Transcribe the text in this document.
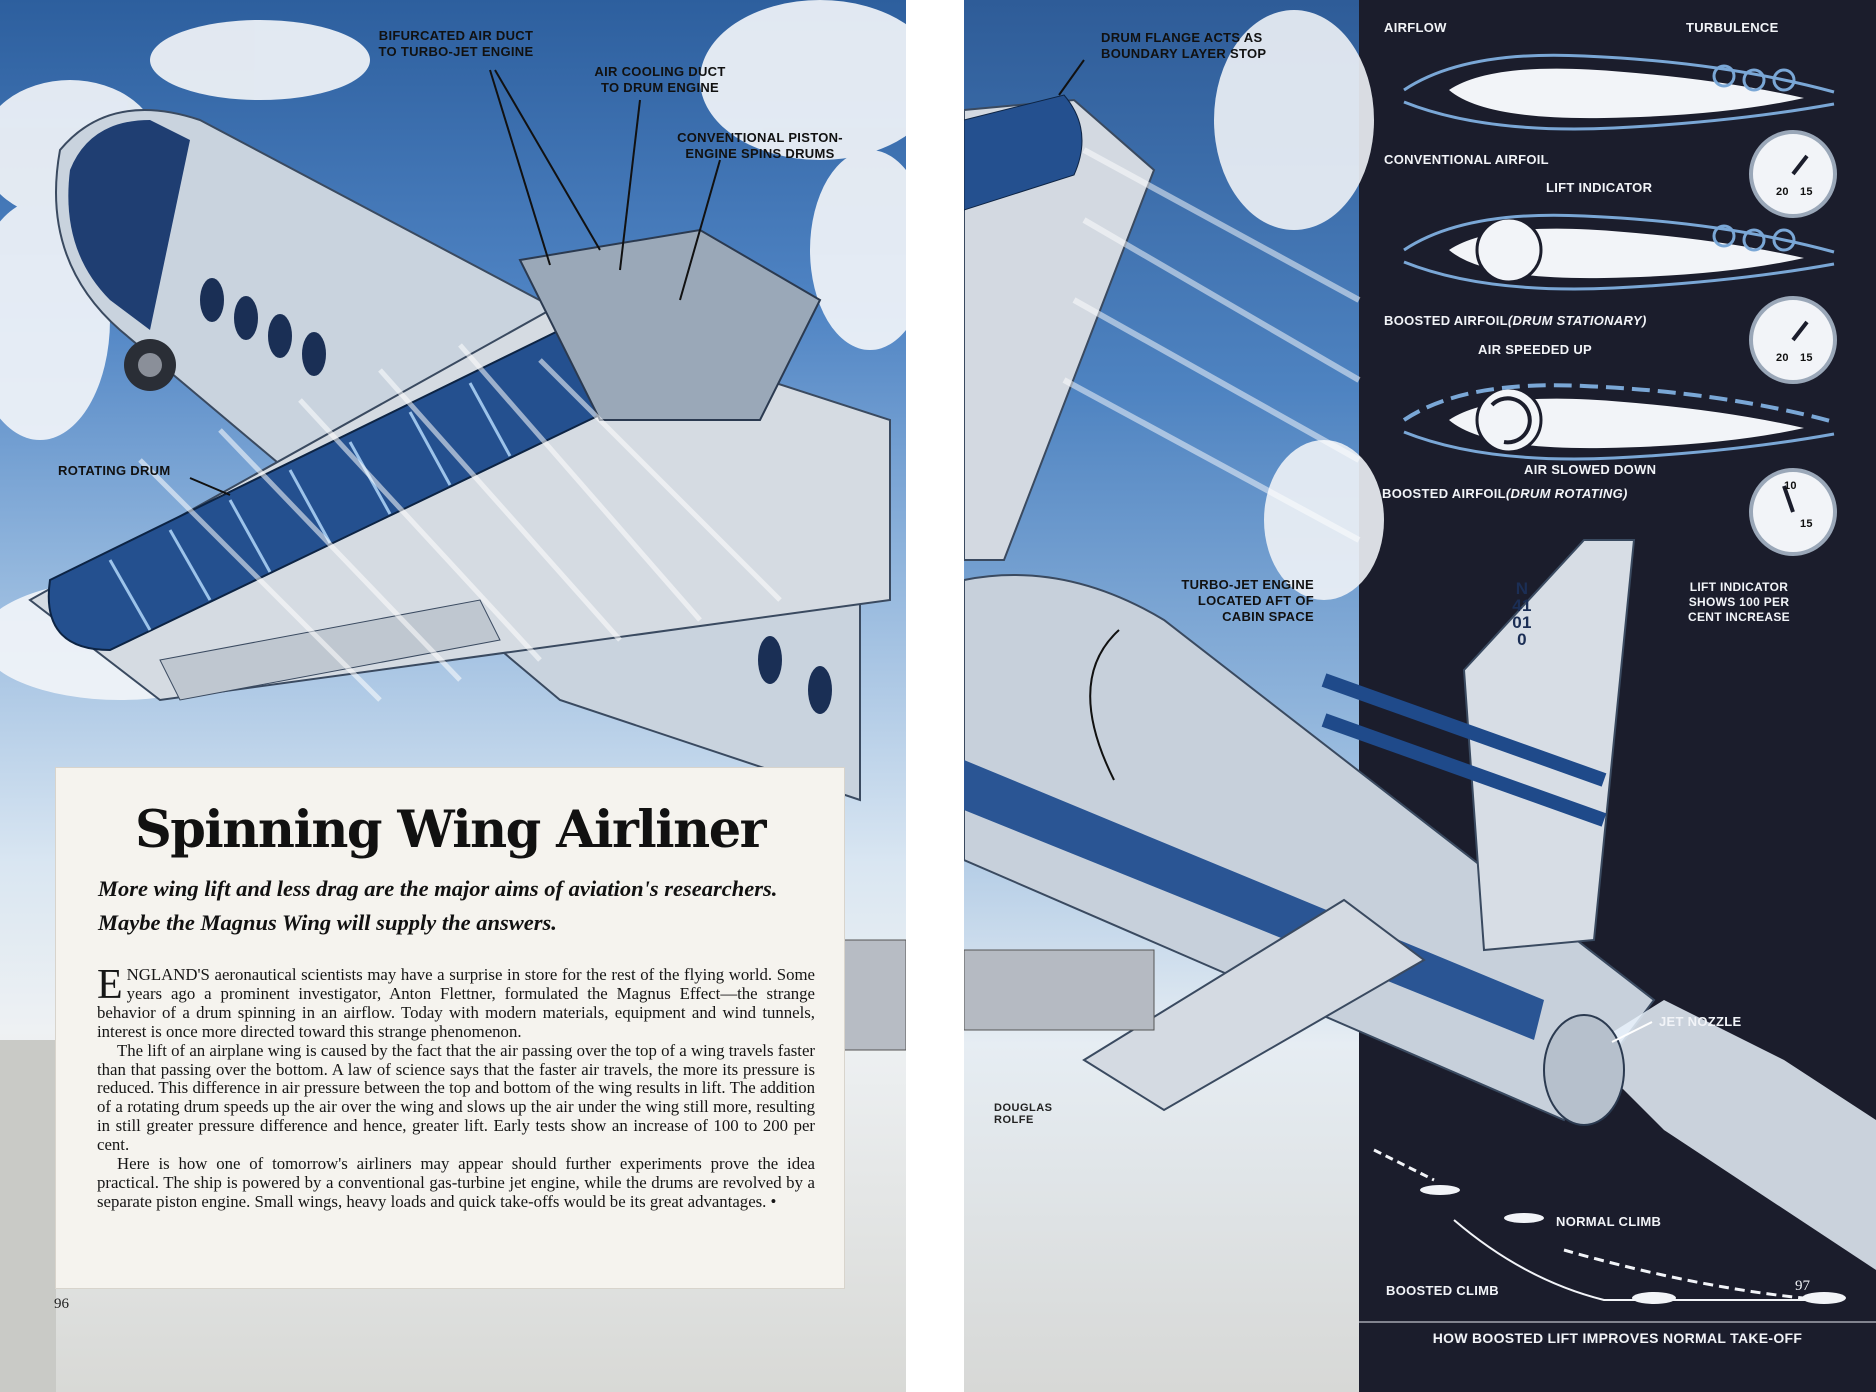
BIFURCATED AIR DUCT
TO TURBO-JET ENGINE
AIR COOLING DUCT
TO DRUM ENGINE
CONVENTIONAL PISTON-
ENGINE SPINS DRUMS
ROTATING DRUM
Spinning Wing Airliner
More wing lift and less drag are the major aims of aviation's researchers. Maybe the Magnus Wing will supply the answers.

ENGLAND'S aeronautical scientists may have a surprise in store for the rest of the flying world. Some years ago a prominent investigator, Anton Flettner, formulated the Magnus Effect—the strange behavior of a drum spinning in an airflow. Today with modern materials, equipment and wind tunnels, interest is once more directed toward this strange phenomenon.

The lift of an airplane wing is caused by the fact that the air passing over the top of a wing travels faster than that passing over the bottom. A law of science says that the faster air travels, the more its pressure is reduced. This difference in air pressure between the top and bottom of the wing results in lift. The addition of a rotating drum speeds up the air over the wing and slows up the air under the wing still more, resulting in still greater pressure difference and hence, greater lift. Early tests show an increase of 100 to 200 per cent.

Here is how one of tomorrow's airliners may appear should further experiments prove the idea practical. The ship is powered by a conventional gas-turbine jet engine, while the drums are revolved by a separate piston engine. Small wings, heavy loads and quick take-offs would be its great advantages. •

96
DRUM FLANGE ACTS AS
BOUNDARY LAYER STOP
TURBO-JET ENGINE
LOCATED AFT OF
CABIN SPACE
JET NOZZLE
N41010
DOUGLAS
ROLFE
AIRFLOW	TURBULENCE
CONVENTIONAL AIRFOIL
LIFT INDICATOR
BOOSTED AIRFOIL(DRUM STATIONARY)
AIR SPEEDED UP
AIR SLOWED DOWN
BOOSTED AIRFOIL(DRUM ROTATING)
20 15
20 15
10
15
LIFT INDICATOR
SHOWS 100 PER
CENT INCREASE
NORMAL CLIMB
BOOSTED CLIMB	97
HOW BOOSTED LIFT IMPROVES NORMAL TAKE-OFF
